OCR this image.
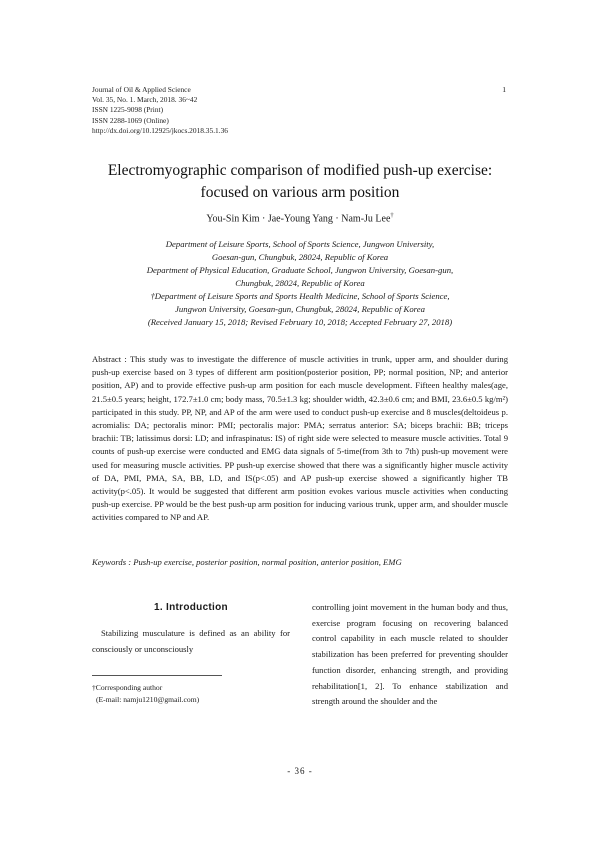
Journal of Oil & Applied Science
Vol. 35, No. 1. March, 2018. 36~42
ISSN 1225-9098 (Print)
ISSN 2288-1069 (Online)
http://dx.doi.org/10.12925/jkocs.2018.35.1.36
1
Electromyographic comparison of modified push-up exercise:
focused on various arm position
You-Sin Kim · Jae-Young Yang · Nam-Ju Lee†

Department of Leisure Sports, School of Sports Science, Jungwon University,

Goesan-gun, Chungbuk, 28024, Republic of Korea

Department of Physical Education, Graduate School, Jungwon University, Goesan-gun,

Chungbuk, 28024, Republic of Korea

†Department of Leisure Sports and Sports Health Medicine, School of Sports Science,

Jungwon University, Goesan-gun, Chungbuk, 28024, Republic of Korea

(Received January 15, 2018; Revised February 10, 2018; Accepted February 27, 2018)

Abstract : This study was to investigate the difference of muscle activities in trunk, upper arm, and shoulder during push-up exercise based on 3 types of different arm position(posterior position, PP; normal position, NP; and anterior position, AP) and to provide effective push-up arm position for each muscle development. Fifteen healthy males(age, 21.5±0.5 years; height, 172.7±1.0 cm; body mass, 70.5±1.3 kg; shoulder width, 42.3±0.6 cm; and BMI, 23.6±0.5 kg/m²) participated in this study. PP, NP, and AP of the arm were used to conduct push-up exercise and 8 muscles(deltoideus p. acromialis: DA; pectoralis minor: PMI; pectoralis major: PMA; serratus anterior: SA; biceps brachii: BB; triceps brachii: TB; latissimus dorsi: LD; and infraspinatus: IS) of right side were selected to measure muscle activities. Total 9 counts of push-up exercise were conducted and EMG data signals of 5-time(from 3th to 7th) push-up movement were used for measuring muscle activities. PP push-up exercise showed that there was a significantly higher muscle activity of DA, PMI, PMA, SA, BB, LD, and IS(p<.05) and AP push-up exercise showed a significantly higher TB activity(p<.05). It would be suggested that different arm position evokes various muscle activities when conducting push-up exercise. PP would be the best push-up arm position for inducing various trunk, upper arm, and shoulder muscle activities compared to NP and AP.
Keywords : Push-up exercise, posterior position, normal position, anterior position, EMG
1. Introduction
Stabilizing musculature is defined as an ability for consciously or unconsciously
†Corresponding author
(E-mail: namju1210@gmail.com)
controlling joint movement in the human body and thus, exercise program focusing on recovering balanced control capability in each muscle related to shoulder stabilization has been preferred for preventing shoulder function disorder, enhancing strength, and providing rehabilitation[1, 2]. To enhance stabilization and strength around the shoulder and the
- 36 -
